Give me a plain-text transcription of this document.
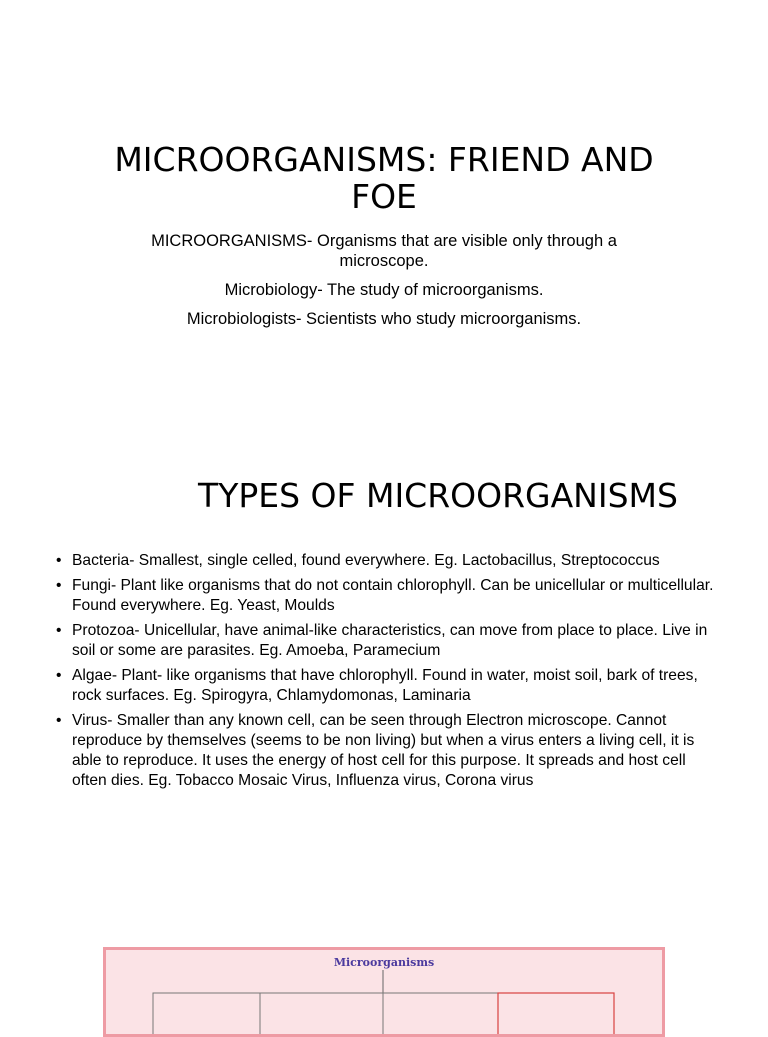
MICROORGANISMS: FRIEND AND FOE

MICROORGANISMS- Organisms that are visible only through a microscope.

Microbiology- The study of microorganisms.

Microbiologists- Scientists who study microorganisms.

TYPES OF MICROORGANISMS
• Bacteria- Smallest, single celled, found everywhere. Eg. Lactobacillus, Streptococcus
• Fungi- Plant like organisms that do not contain chlorophyll. Can be unicellular or multicellular. Found everywhere. Eg. Yeast, Moulds
• Protozoa- Unicellular, have animal-like characteristics, can move from place to place. Live in soil or some are parasites. Eg. Amoeba, Paramecium
• Algae- Plant- like organisms that have chlorophyll. Found in water, moist soil, bark of trees, rock surfaces. Eg. Spirogyra, Chlamydomonas, Laminaria
• Virus- Smaller than any known cell, can be seen through Electron microscope. Cannot reproduce by themselves (seems to be non living) but when a virus enters a living cell, it is able to reproduce. It uses the energy of host cell for this purpose. It spreads and host cell often dies. Eg. Tobacco Mosaic Virus, Influenza virus, Corona virus
Microorganisms
